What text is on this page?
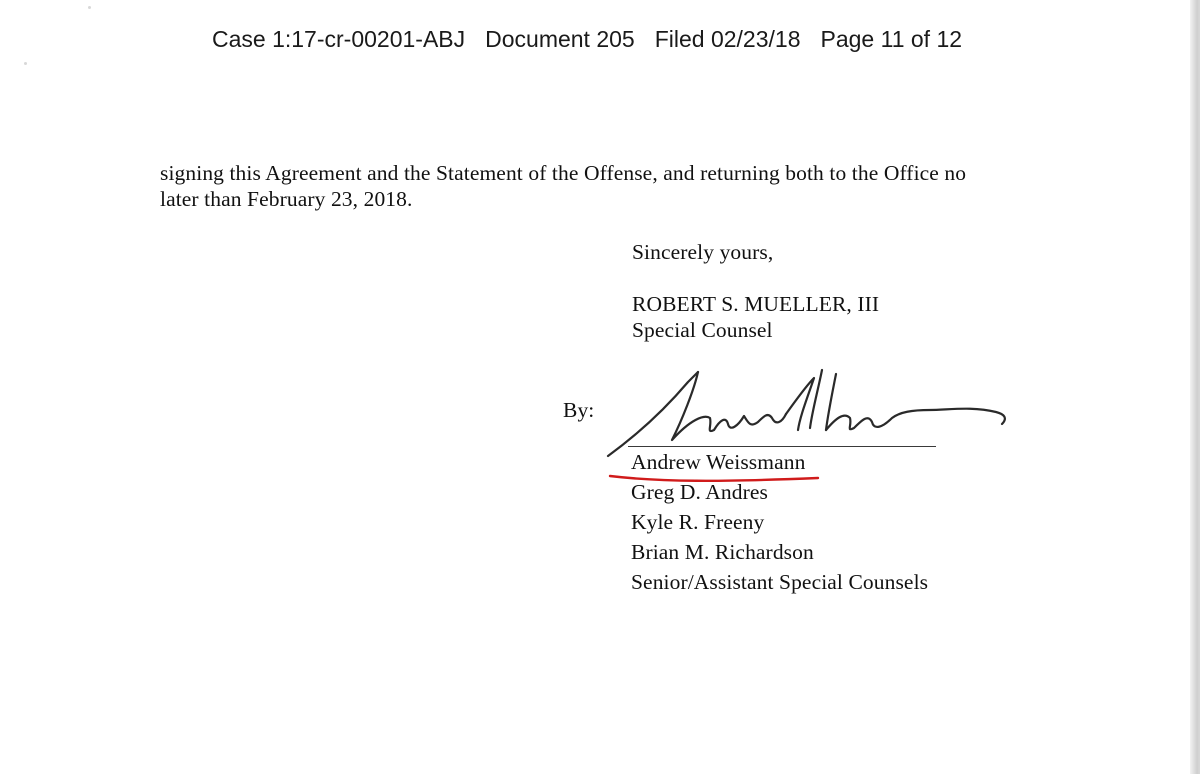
Case 1:17-cr-00201-ABJ Document 205 Filed 02/23/18 Page 11 of 12
signing this Agreement and the Statement of the Offense, and returning both to the Office no
later than February 23, 2018.
Sincerely yours,
ROBERT S. MUELLER, III
Special Counsel
By:
Andrew Weissmann
Greg D. Andres
Kyle R. Freeny
Brian M. Richardson
Senior/Assistant Special Counsels
